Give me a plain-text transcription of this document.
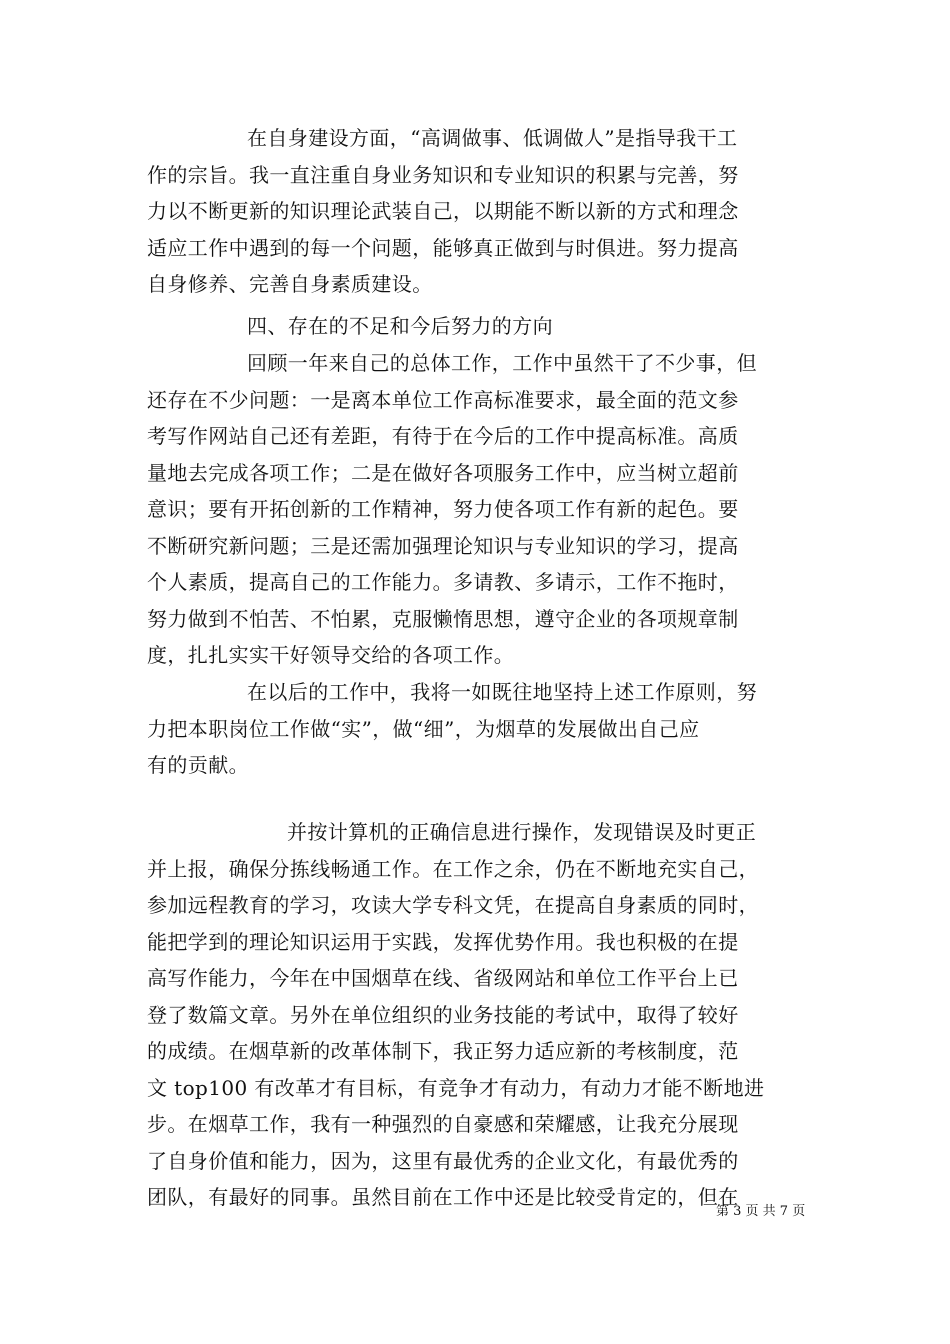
在自身建设方面，“高调做事、低调做人”是指导我干工
作的宗旨。我一直注重自身业务知识和专业知识的积累与完善，努
力以不断更新的知识理论武装自己，以期能不断以新的方式和理念
适应工作中遇到的每一个问题，能够真正做到与时俱进。努力提高
自身修养、完善自身素质建设。
四、存在的不足和今后努力的方向
回顾一年来自己的总体工作，工作中虽然干了不少事，但
还存在不少问题：一是离本单位工作高标准要求，最全面的范文参
考写作网站自己还有差距，有待于在今后的工作中提高标准。高质
量地去完成各项工作；二是在做好各项服务工作中，应当树立超前
意识；要有开拓创新的工作精神，努力使各项工作有新的起色。要
不断研究新问题；三是还需加强理论知识与专业知识的学习，提高
个人素质，提高自己的工作能力。多请教、多请示，工作不拖时，
努力做到不怕苦、不怕累，克服懒惰思想，遵守企业的各项规章制
度，扎扎实实干好领导交给的各项工作。
在以后的工作中，我将一如既往地坚持上述工作原则，努
力把本职岗位工作做“实”，做“细”，为烟草的发展做出自己应
有的贡献。
并按计算机的正确信息进行操作，发现错误及时更正
并上报，确保分拣线畅通工作。在工作之余，仍在不断地充实自己，
参加远程教育的学习，攻读大学专科文凭，在提高自身素质的同时，
能把学到的理论知识运用于实践，发挥优势作用。我也积极的在提
高写作能力，今年在中国烟草在线、省级网站和单位工作平台上已
登了数篇文章。另外在单位组织的业务技能的考试中，取得了较好
的成绩。在烟草新的改革体制下，我正努力适应新的考核制度，范
文 top100 有改革才有目标，有竞争才有动力，有动力才能不断地进
步。在烟草工作，我有一种强烈的自豪感和荣耀感，让我充分展现
了自身价值和能力，因为，这里有最优秀的企业文化，有最优秀的
团队，有最好的同事。虽然目前在工作中还是比较受肯定的，但在
第 3 页 共 7 页
